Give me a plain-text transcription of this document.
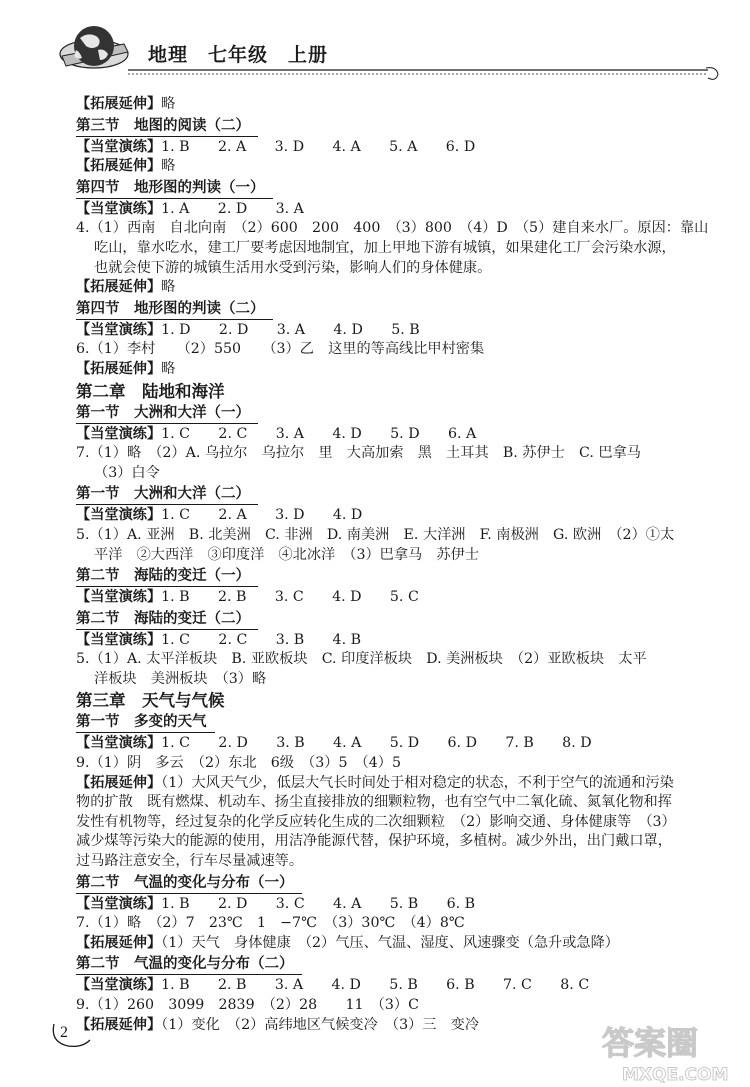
地理　七年级　上册
【拓展延伸】略
第三节　地图的阅读（二）
【当堂演练】1. B　　2. A　　3. D　　4. A　　5. A　　6. D
【拓展延伸】略
第四节　地形图的判读（一）
【当堂演练】1. A　　2. D　　3. A
4.（1）西南　自北向南　（2）600　200　400　（3）800　（4）D　（5）建自来水厂。原因：靠山
吃山，靠水吃水，建工厂要考虑因地制宜，加上甲地下游有城镇，如果建化工厂会污染水源，
也就会使下游的城镇生活用水受到污染，影响人们的身体健康。
【拓展延伸】略
第四节　地形图的判读（二）
【当堂演练】1. D　　2. D　　3. A　　4. D　　5. B
6.（1）李村　　（2）550　　（3）乙　这里的等高线比甲村密集
【拓展延伸】略
第二章　陆地和海洋
第一节　大洲和大洋（一）
【当堂演练】1. C　　2. C　　3. A　　4. D　　5. D　　6. A
7.（1）略　（2）A. 乌拉尔　乌拉尔　里　大高加索　黑　土耳其　B. 苏伊士　C. 巴拿马
（3）白令
第一节　大洲和大洋（二）
【当堂演练】1. C　　2. A　　3. D　　4. D
5.（1）A. 亚洲　B. 北美洲　C. 非洲　D. 南美洲　E. 大洋洲　F. 南极洲　G. 欧洲　（2）①太
平洋　②大西洋　③印度洋　④北冰洋　（3）巴拿马　苏伊士
第二节　海陆的变迁（一）
【当堂演练】1. B　　2. B　　3. C　　4. D　　5. C
第二节　海陆的变迁（二）
【当堂演练】1. C　　2. C　　3. B　　4. B
5.（1）A. 太平洋板块　B. 亚欧板块　C. 印度洋板块　D. 美洲板块　（2）亚欧板块　太平
洋板块　美洲板块　（3）略
第三章　天气与气候
第一节　多变的天气
【当堂演练】1. C　　2. D　　3. B　　4. A　　5. D　　6. D　　7. B　　8. D
9.（1）阴　多云　（2）东北　6级　（3）5　（4）5
【拓展延伸】（1）大风天气少，低层大气长时间处于相对稳定的状态，不利于空气的流通和污染
物的扩散　既有燃煤、机动车、扬尘直接排放的细颗粒物，也有空气中二氧化硫、氮氧化物和挥
发性有机物等，经过复杂的化学反应转化生成的二次细颗粒　（2）影响交通、身体健康等　（3）
减少煤等污染大的能源的使用，用洁净能源代替，保护环境，多植树。减少外出，出门戴口罩，
过马路注意安全，行车尽量减速等。
第二节　气温的变化与分布（一）
【当堂演练】1. B　　2. D　　3. C　　4. A　　5. B　　6. B
7.（1）略　（2）7　23℃　1　−7℃　（3）30℃　（4）8℃
【拓展延伸】（1）天气　身体健康　（2）气压、气温、湿度、风速骤变（急升或急降）
第二节　气温的变化与分布（二）
【当堂演练】1. B　　2. B　　3. A　　4. D　　5. B　　6. B　　7. C　　8. C
9.（1）260　3099　2839　（2）28　　11　（3）C
【拓展延伸】（1）变化　（2）高纬地区气候变冷　（3）三　变冷
2	答案圈
MXQE.COM
